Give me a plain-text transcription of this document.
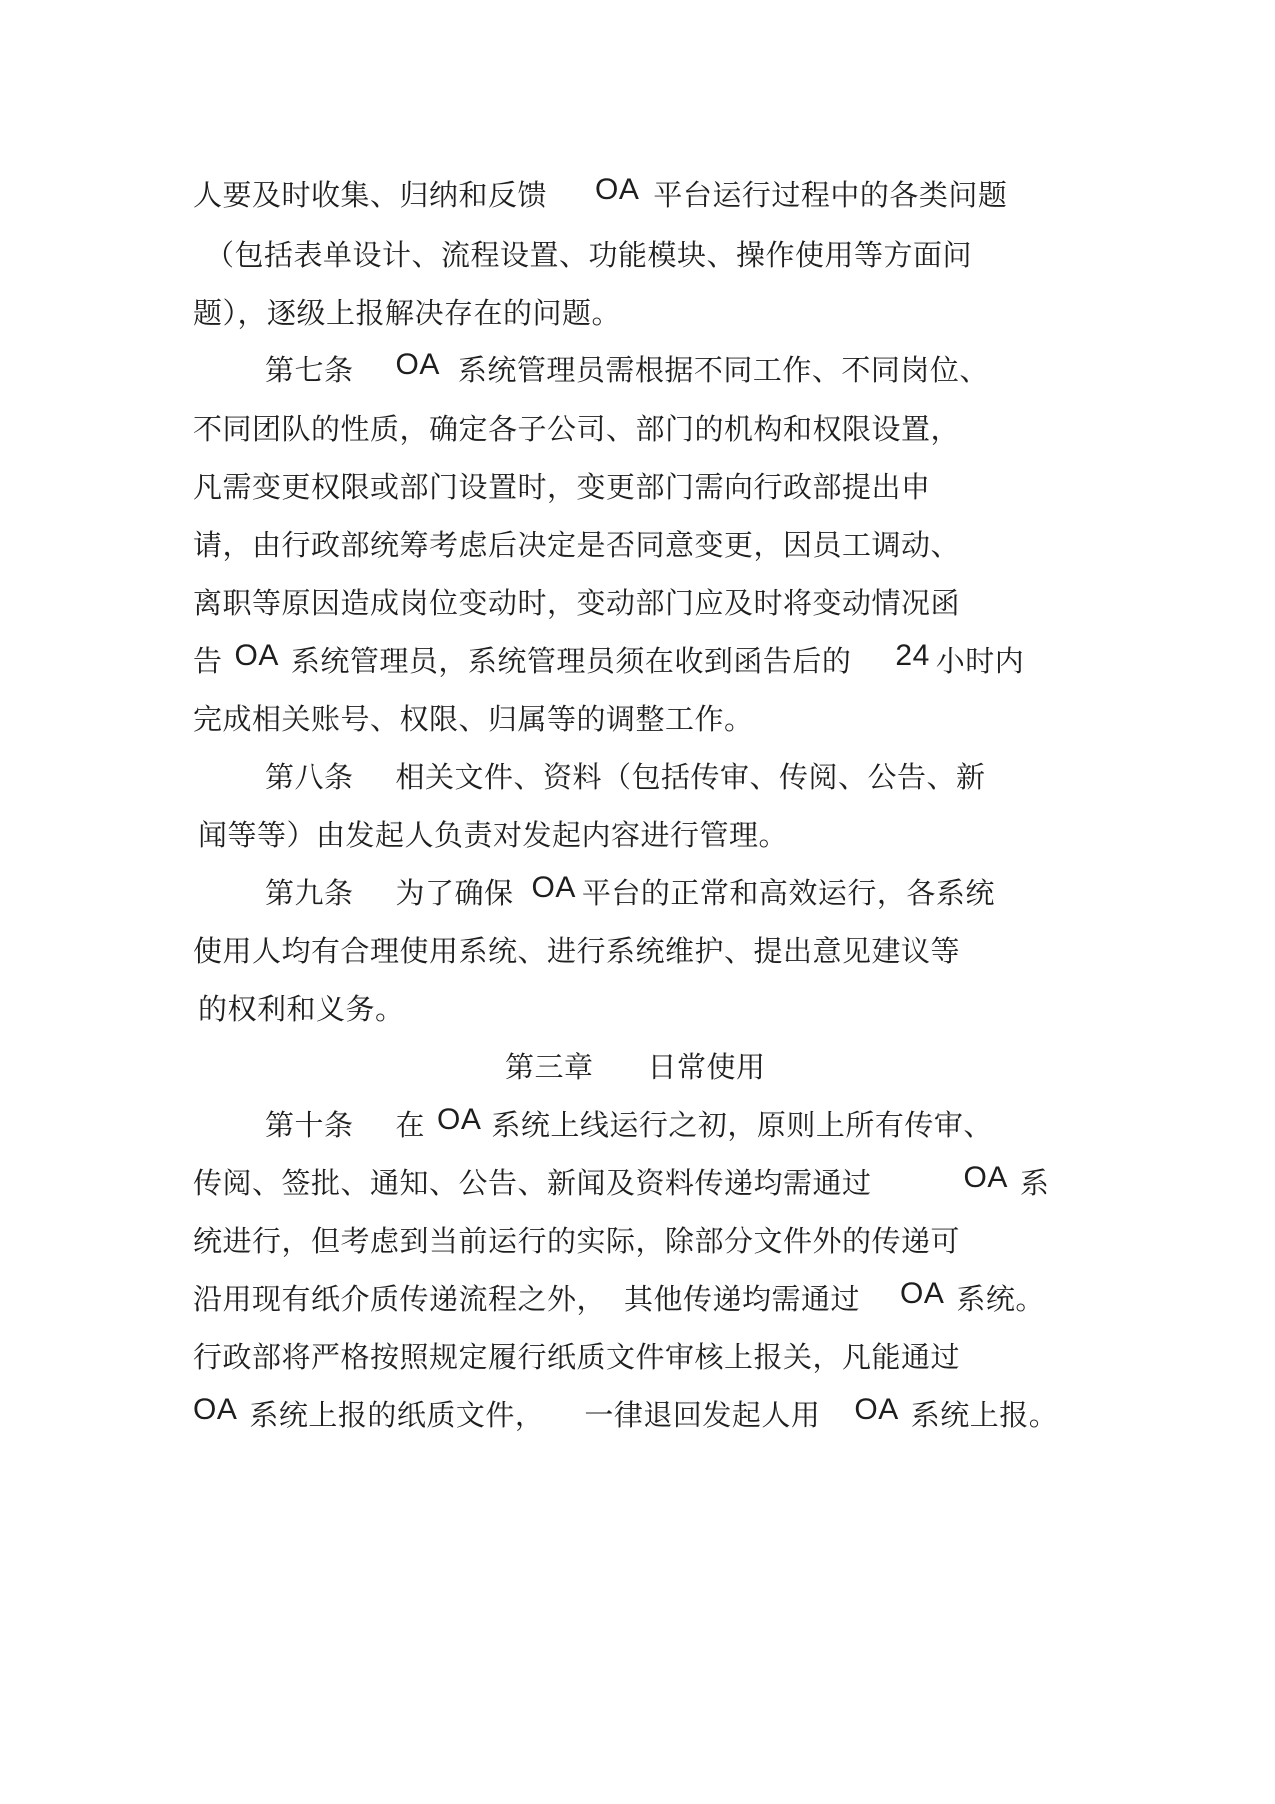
人要及时收集、归纳和反馈 OA 平台运行过程中的各类问题
（包括表单设计、流程设置、功能模块、操作使用等方面问
题），逐级上报解决存在的问题。
第七条 OA 系统管理员需根据不同工作、不同岗位、
不同团队的性质，确定各子公司、部门的机构和权限设置，
凡需变更权限或部门设置时，变更部门需向行政部提出申
请，由行政部统筹考虑后决定是否同意变更，因员工调动、
离职等原因造成岗位变动时，变动部门应及时将变动情况函
告 OA 系统管理员，系统管理员须在收到函告后的 24 小时内
完成相关账号、权限、归属等的调整工作。
第八条 相关文件、资料（包括传审、传阅、公告、新
闻等等）由发起人负责对发起内容进行管理。
第九条 为了确保 OA 平台的正常和高效运行，各系统
使用人均有合理使用系统、进行系统维护、提出意见建议等
的权利和义务。
第三章 日常使用
第十条 在 OA 系统上线运行之初，原则上所有传审、
传阅、签批、通知、公告、新闻及资料传递均需通过	OA 系
统进行，但考虑到当前运行的实际，除部分文件外的传递可
沿用现有纸介质传递流程之外， 其他传递均需通过 OA 系统。
行政部将严格按照规定履行纸质文件审核上报关，凡能通过
OA 系统上报的纸质文件， 一律退回发起人用 OA 系统上报。
